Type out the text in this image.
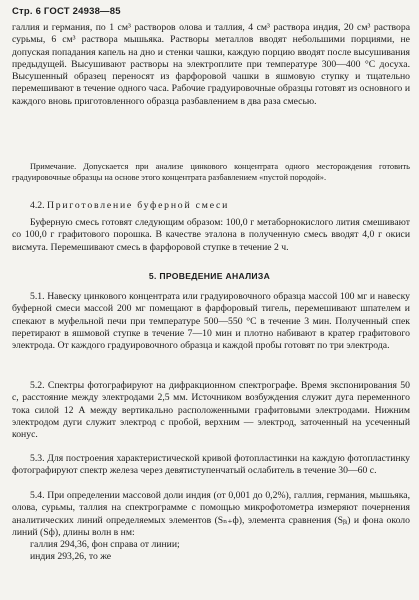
Стр. 6 ГОСТ 24938—85

галлия и германия, по 1 см³ растворов олова и таллия, 4 см³ раствора индия, 20 см³ раствора сурьмы, 6 см³ раствора мышьяка. Растворы металлов вводят небольшими порциями, не допуская попадания капель на дно и стенки чашки, каждую порцию вводят после высушивания предыдущей. Высушивают растворы на электроплите при температуре 300—400 °С досуха. Высушенный образец переносят из фарфоровой чашки в яшмовую ступку и тщательно перемешивают в течение одного часа. Рабочие градуировочные образцы готовят из основного и каждого вновь приготовленного образца разбавлением в два раза смесью.

Примечание. Допускается при анализе цинкового концентрата одного месторождения готовить градуировочные образцы на основе этого концентрата разбавлением «пустой породой».

4.2. Приготовление буферной смеси

Буферную смесь готовят следующим образом: 100,0 г метаборнокислого лития смешивают со 100,0 г графитового порошка. В качестве эталона в полученную смесь вводят 4,0 г окиси висмута. Перемешивают смесь в фарфоровой ступке в течение 2 ч.

5. ПРОВЕДЕНИЕ АНАЛИЗА

5.1. Навеску цинкового концентрата или градуировочного образца массой 100 мг и навеску буферной смеси массой 200 мг помещают в фарфоровый тигель, перемешивают шпателем и спекают в муфельной печи при температуре 500—550 °С в течение 3 мин. Полученный спек перетирают в яшмовой ступке в течение 7—10 мин и плотно набивают в кратер графитового электрода. От каждого градуировочного образца и каждой пробы готовят по три электрода.

5.2. Спектры фотографируют на дифракционном спектрографе. Время экспонирования 50 с, расстояние между электродами 2,5 мм. Источником возбуждения служит дуга переменного тока силой 12 А между вертикально расположенными графитовыми электродами. Нижним электродом дуги служит электрод с пробой, верхним — электрод, заточенный на усеченный конус.

5.3. Для построения характеристической кривой фотопластинки на каждую фотопластинку фотографируют спектр железа через девятиступенчатый ослабитель в течение 30—60 с.

5.4. При определении массовой доли индия (от 0,001 до 0,2%), галлия, германия, мышьяка, олова, сурьмы, таллия на спектрограмме с помощью микрофотометра измеряют почернения аналитических линий определяемых элементов (Sₙ₊ф), элемента сравнения (Sᵦᵢ) и фона около линий (Sф), длины волн в нм:

галлия 294,36, фон справа от линии;
индия 293,26, то же
